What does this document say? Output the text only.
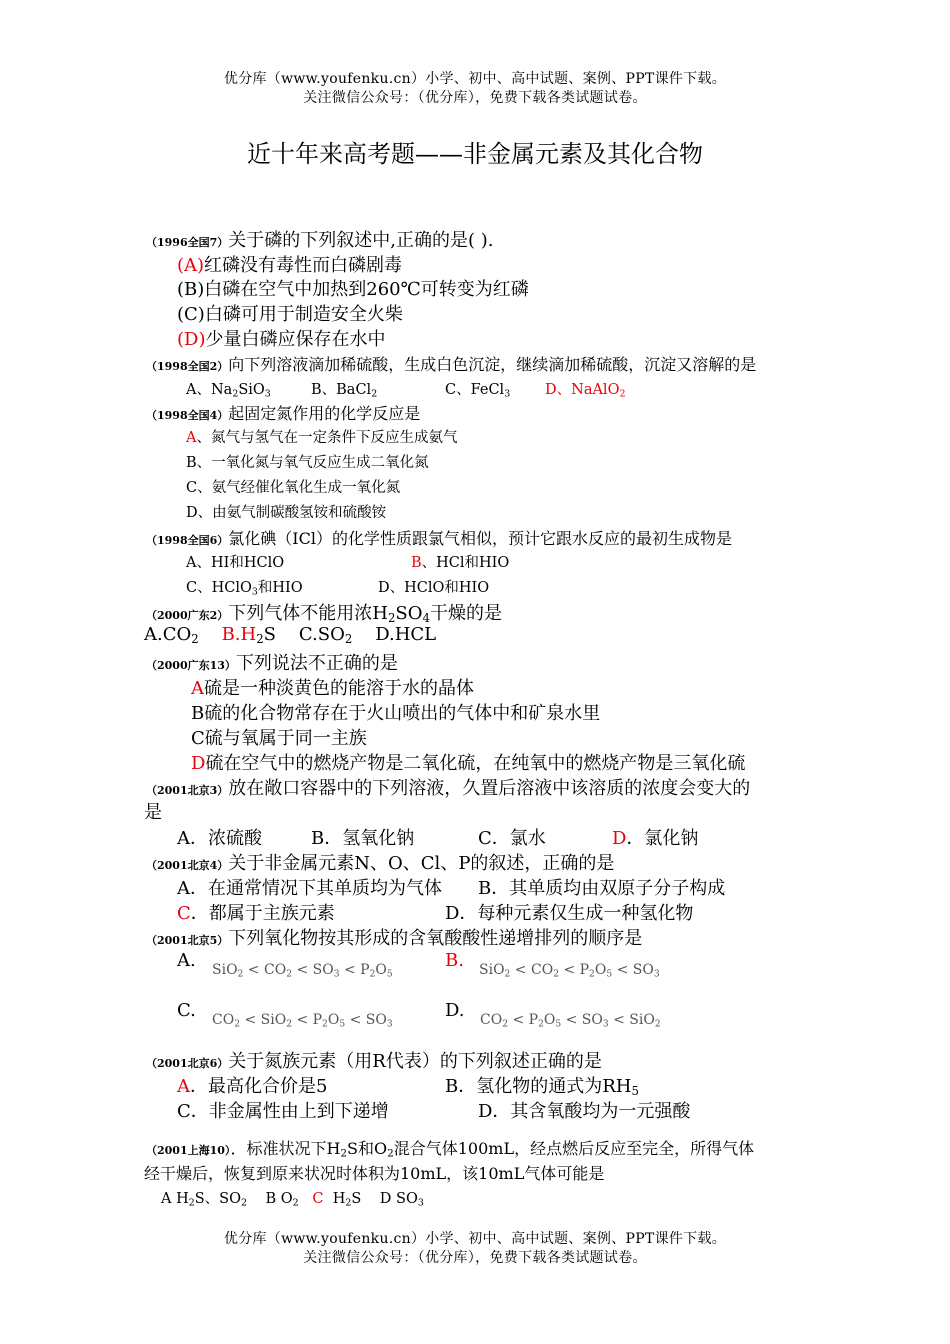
优分库（www.youfenku.cn）小学、初中、高中试题、案例、PPT课件下载。
关注微信公众号：（优分库），免费下载各类试题试卷。
近十年来高考题——非金属元素及其化合物
（1996全国7）关于磷的下列叙述中,正确的是( ).
(A)红磷没有毒性而白磷剧毒
(B)白磷在空气中加热到260℃可转变为红磷
(C)白磷可用于制造安全火柴
(D)少量白磷应保存在水中
（1998全国2）向下列溶液滴加稀硫酸，生成白色沉淀，继续滴加稀硫酸，沉淀又溶解的是
A、$Na_2SiO_3$	B、BaCl$_2$	C、FeCl$_3$ D、NaAlO$_2$
（1998全国4）起固定氮作用的化学反应是
A、氮气与氢气在一定条件下反应生成氨气
B、一氧化氮与氧气反应生成二氧化氮
C、氨气经催化氧化生成一氧化氮
D、由氨气制碳酸氢铵和硫酸铵
（1998全国6）氯化碘（ICl）的化学性质跟氯气相似，预计它跟水反应的最初生成物是
A、HI和HClO	B、HCl和HIO
C、HClO$_3$和HIO	D、HClO和HIO
（2000广东2）下列气体不能用浓$H_2SO_4$干燥的是
$A.CO_2$ $B.H_2S$ $C.SO_2$ D.HCL
（2000广东13）下列说法不正确的是
A硫是一种淡黄色的能溶于水的晶体
B硫的化合物常存在于火山喷出的气体中和矿泉水里
C硫与氧属于同一主族
D硫在空气中的燃烧产物是二氧化硫，在纯氧中的燃烧产物是三氧化硫
（2001北京3）放在敞口容器中的下列溶液，久置后溶液中该溶质的浓度会变大的
是
A．浓硫酸	B．氢氧化钠	C．氯水	D．氯化钠
（2001北京4）关于非金属元素N、O、Cl、P的叙述，正确的是
A．在通常情况下其单质均为气体 B．其单质均由双原子分子构成
C．都属于主族元素	D．每种元素仅生成一种氢化物
（2001北京5）下列氧化物按其形成的含氧酸酸性递增排列的顺序是
A. $SiO_2 < CO_2 < SO_3 < P_2O_5$
B. $SiO_2 < CO_2 < P_2O_5 < SO_3$
C. $CO_2 < SiO_2 < P_2O_5 < SO_3$
D. $CO_2 < P_2O_5 < SO_3 < SiO_2$
（2001北京6）关于氮族元素（用R代表）的下列叙述正确的是
A．最高化合价是5	B．氢化物的通式为$RH_5$
C．非金属性由上到下递增	D．其含氧酸均为一元强酸
（2001上海10）．标准状况下$H_2S$和$O_2$混合气体100mL，经点燃后反应至完全，所得气体
经干燥后，恢复到原来状况时体积为10mL，该10mL气体可能是
A $H_2S$、$SO_2$ B $O_2$ C $H_2S$ D $SO_3$
优分库（www.youfenku.cn）小学、初中、高中试题、案例、PPT课件下载。
关注微信公众号：（优分库），免费下载各类试题试卷。
